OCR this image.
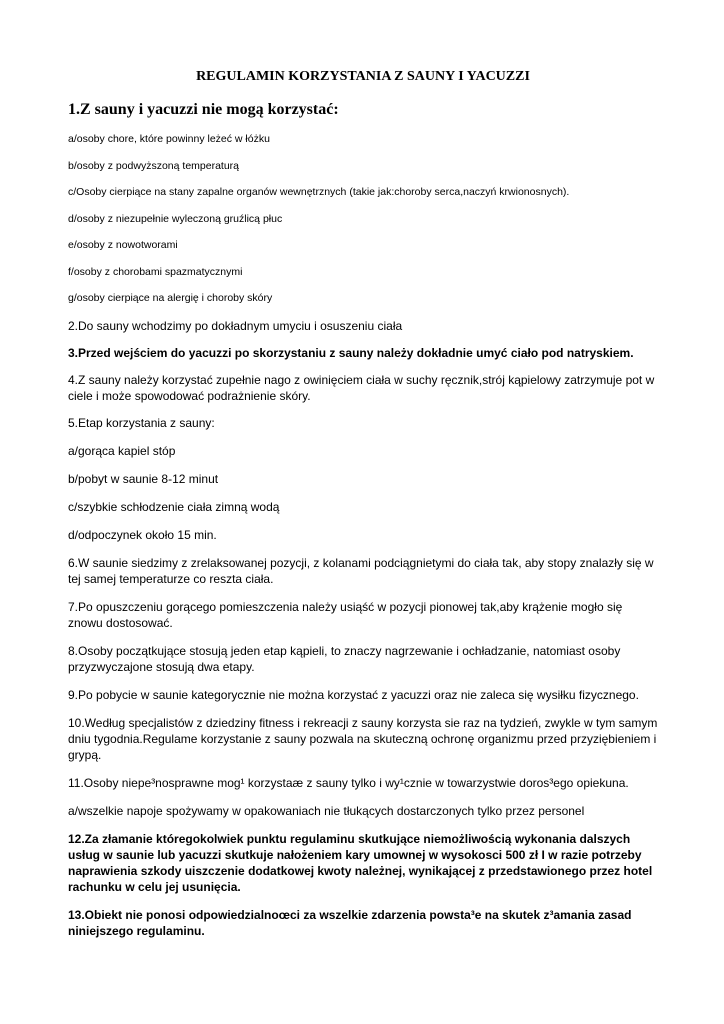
REGULAMIN KORZYSTANIA Z SAUNY I YACUZZI
1.Z sauny i yacuzzi nie mogą korzystać:
a/osoby chore, które powinny leżeć w łóżku
b/osoby z podwyższoną temperaturą
c/Osoby cierpiące na stany zapalne organów wewnętrznych (takie jak:choroby serca,naczyń krwionosnych).
d/osoby z niezupełnie wyleczoną gruźlicą płuc
e/osoby z nowotworami
f/osoby z chorobami spazmatycznymi
g/osoby cierpiące na alergię i choroby skóry

2.Do sauny wchodzimy po dokładnym umyciu i osuszeniu ciała

3.Przed wejściem do yacuzzi po skorzystaniu z sauny należy dokładnie umyć ciało pod natryskiem.

4.Z sauny należy korzystać zupełnie nago z owinięciem ciała w suchy ręcznik,strój kąpielowy zatrzymuje pot w ciele i może spowodować podrażnienie skóry.

5.Etap korzystania z sauny:

a/gorąca kapiel stóp

b/pobyt w saunie 8-12 minut

c/szybkie schłodzenie ciała zimną wodą

d/odpoczynek około 15 min.

6.W saunie siedzimy z zrelaksowanej pozycji, z kolanami podciągnietymi do ciała tak, aby stopy znalazły się w tej samej temperaturze co reszta ciała.

7.Po opuszczeniu gorącego pomieszczenia należy usiąść w pozycji pionowej tak,aby krążenie mogło się znowu dostosować.

8.Osoby początkujące stosują jeden etap kąpieli, to znaczy nagrzewanie i ochładzanie, natomiast osoby przyzwyczajone stosują dwa etapy.

9.Po pobycie w saunie kategorycznie nie można korzystać z yacuzzi oraz nie zaleca się wysiłku fizycznego.

10.Według specjalistów z dziedziny fitness i rekreacji z sauny korzysta sie raz na tydzień, zwykle w tym samym dniu tygodnia.Regulame korzystanie z sauny pozwala na skuteczną ochronę organizmu przed przyziębieniem i grypą.

11.Osoby niepe³nosprawne mog¹ korzystaæ z sauny tylko i wy¹cznie w towarzystwie doros³ego opiekuna.

a/wszelkie napoje spożywamy w opakowaniach nie tłukących dostarczonych tylko przez personel

12.Za złamanie któregokolwiek punktu regulaminu skutkujące niemożliwością wykonania dalszych usług w saunie lub yacuzzi skutkuje nałożeniem kary umownej w wysokosci 500 zł I w razie potrzeby naprawienia szkody uiszczenie dodatkowej kwoty należnej, wynikającej z przedstawionego przez hotel rachunku w celu jej usunięcia.

13.Obiekt nie ponosi odpowiedzialnoœci za wszelkie zdarzenia powsta³e na skutek z³amania zasad niniejszego regulaminu.
